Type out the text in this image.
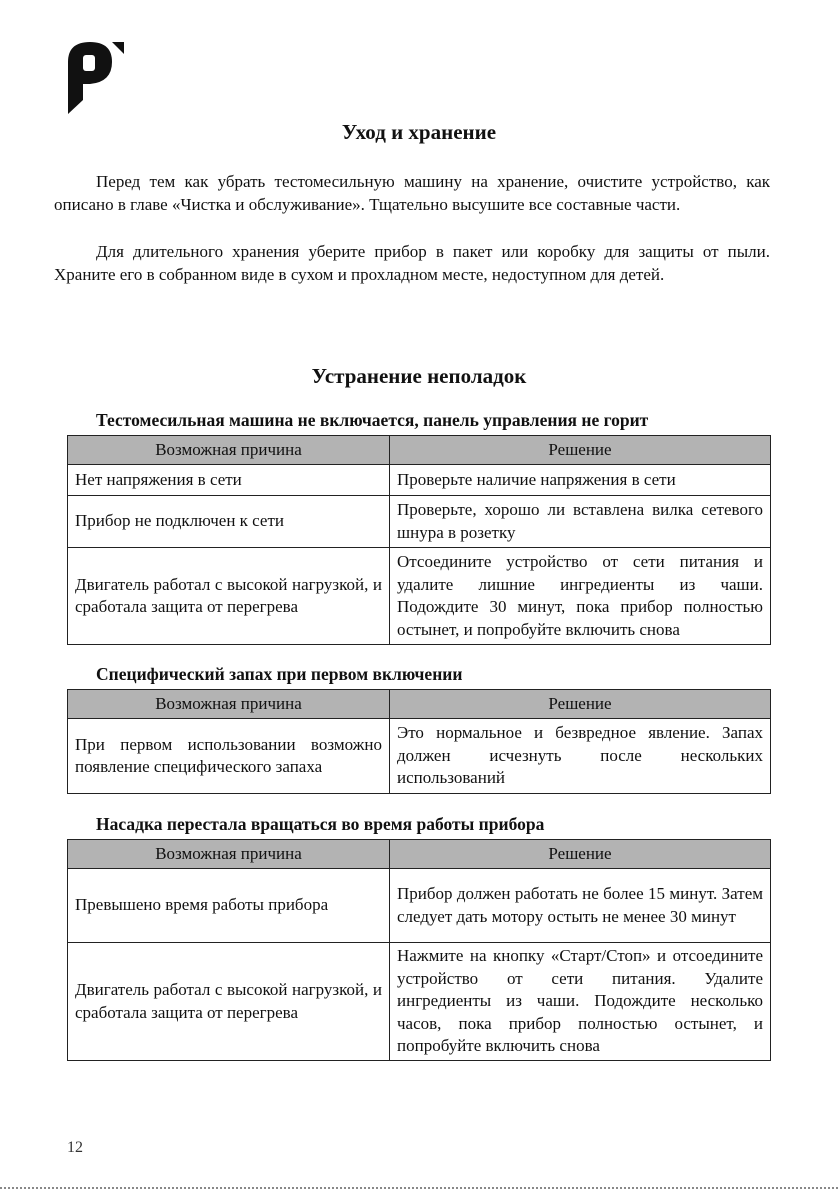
Уход и хранение

Перед тем как убрать тестомесильную машину на хранение, очистите устройство, как описано в главе «Чистка и обслуживание». Тщательно высушите все составные части.

Для длительного хранения уберите прибор в пакет или коробку для защиты от пыли. Храните его в собранном виде в сухом и прохладном месте, недоступном для детей.

Устранение неполадок

Тестомесильная машина не включается, панель управления не горит

Возможная причина	Решение
Нет напряжения в сети	Проверьте наличие напряжения в сети
Прибор не подключен к сети	Проверьте, хорошо ли вставлена вилка сетевого шнура в розетку
Двигатель работал с высокой нагрузкой, и сработала защита от перегрева	Отсоедините устройство от сети питания и удалите лишние ингредиенты из чаши. Подождите 30 минут, пока прибор полностью остынет, и попробуйте включить снова

Специфический запах при первом включении

Возможная причина	Решение
При первом использовании возможно появление специфического запаха	Это нормальное и безвредное явление. Запах должен исчезнуть после нескольких использований

Насадка перестала вращаться во время работы прибора

Возможная причина	Решение
Превышено время работы прибора	Прибор должен работать не более 15 минут. Затем следует дать мотору остыть не менее 30 минут
Двигатель работал с высокой нагрузкой, и сработала защита от перегрева	Нажмите на кнопку «Старт/Стоп» и отсоедините устройство от сети питания. Удалите ингредиенты из чаши. Подождите несколько часов, пока прибор полностью остынет, и попробуйте включить снова
12
